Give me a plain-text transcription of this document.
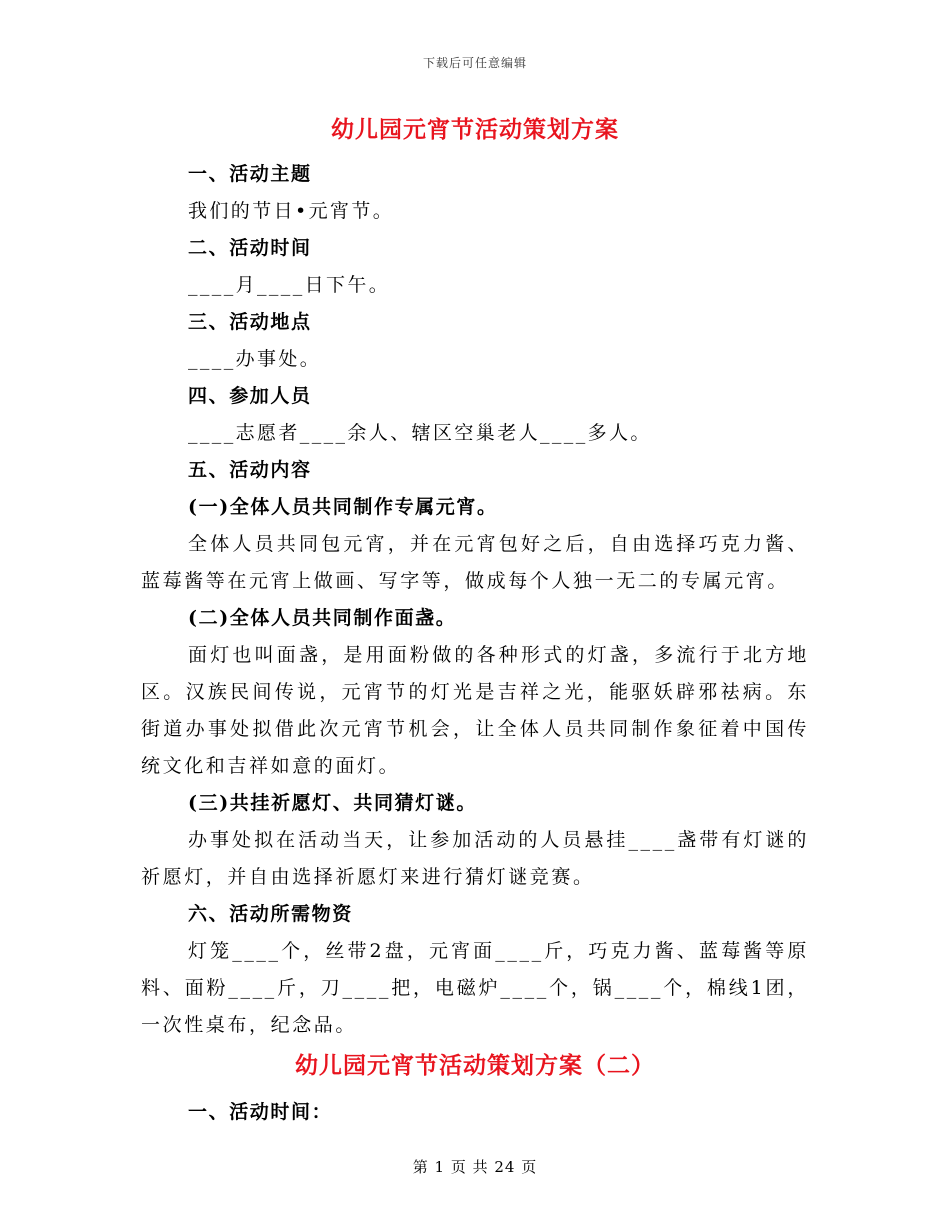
下载后可任意编辑
幼儿园元宵节活动策划方案

一、活动主题

我们的节日•元宵节。

二、活动时间

____月____日下午。

三、活动地点

____办事处。

四、参加人员

____志愿者____余人、辖区空巢老人____多人。

五、活动内容

(一)全体人员共同制作专属元宵。

全体人员共同包元宵，并在元宵包好之后，自由选择巧克力酱、蓝莓酱等在元宵上做画、写字等，做成每个人独一无二的专属元宵。

(二)全体人员共同制作面盏。

面灯也叫面盏，是用面粉做的各种形式的灯盏，多流行于北方地区。汉族民间传说，元宵节的灯光是吉祥之光，能驱妖辟邪祛病。东街道办事处拟借此次元宵节机会，让全体人员共同制作象征着中国传统文化和吉祥如意的面灯。

(三)共挂祈愿灯、共同猜灯谜。

办事处拟在活动当天，让参加活动的人员悬挂____盏带有灯谜的祈愿灯，并自由选择祈愿灯来进行猜灯谜竞赛。

六、活动所需物资

灯笼____个，丝带2盘，元宵面____斤，巧克力酱、蓝莓酱等原料、面粉____斤，刀____把，电磁炉____个，锅____个，棉线1团，一次性桌布，纪念品。

幼儿园元宵节活动策划方案（二）

一、活动时间：

第 1 页 共 24 页
